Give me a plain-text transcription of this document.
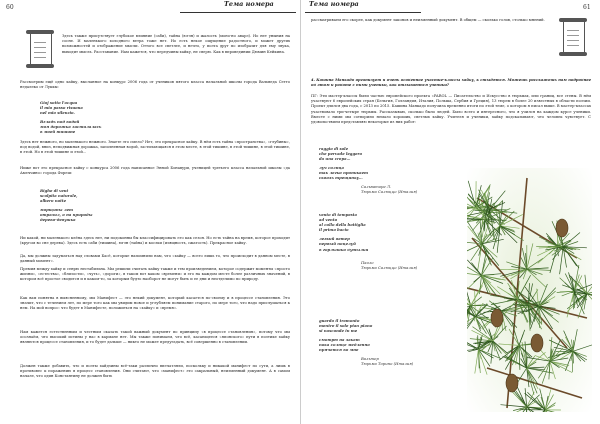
60	Тема номера
Здесь также присутствует глубокое влияние (саби), тайна (югэн) и жалость (моно-но аварэ). Но нет уныния на сосне. И маленького холодного ветра тоже нет. Но есть некое ощущение радостного, и может других возможностей и отображение мысли. Оттого все светлее, и нечто, у поэта друг по изобразит для ему звука, выходит мысль. Расставание. Нам кажется, что передчины хайку, не сверю. Как в впровединии Дюмин Кейкина.
Рассмотрим ещё одно хайку, высланное на конкурс 2006 года от учеников пятого класса начальной школы города Вальведа Сетто недалеко от Луккы:
Gioj sotto l'acqua
il mio passo risuona
nel mio silenzio.
Вгладь под водой
моя дорожка застилалась
в моей тишине
Здесь нет нежного, но маленького нежного. Знаете это смело? Нет, это прекрасное хайку. В нём есть тайна «пространства», «глубины», под водой, вниз, неподвижная дорожка, заполненная водой, застилающаяся в этом месте, в этой тишине, в этой тишине, в этой тишине, в этой. Но в этой тишине и этой...
Ниже вот это прекрасное хайку с конкурса 2006 года написанное Энной Бонавури, ученицей третьего класса начальной школы «да Амеччино» города Фореш:
Righe di vent
scolpita naturale,
albero notte
морщины лет
отразил, о на природы
дерево-девушка
Ни какой, ни маленького клёна здесь нет, ни подоконны бы классифицировать его как сезон. Но есть тайна на время, которое проходит (кругом во сне дерева). Здесь есть саби (тишина), югэн (тайна) и косэки (изящность, сжатость). Прекрасное хайку.
Да, мы должны задуматься над словами Басё, которые напомнили нам, что «хайку — всего лишь то, что происходит в данном месте, в данный момент».
Премия между хайку и сенрю нестабильна. Мы решили считать хайку также и тем произведением, которое содержит моменты «просто жизни», «естества», «близости», «чуть», «дороги», в таком вот каком «времени» и его на каждом месте более различных значений, в котором всё простое сводится и в каком-то, за которым будто наоборот не могут быть и ее дни и неотделимо по природу.
Как вам понятна в выясненному, мы Манифест — это некий документ, который касается по-своему и в процессе становления. Это значит, что с течением лет, по мере того как мы увидим новое и углубляем понимание старого, по мере того, что надо прислушаться к нем. На мой вопрос: что будет в Манифесте, положиться на «хайку» и «время».
Нам кажется естественным и честным сказать такой важный документ по принципу «в процессе становления», потому что мы осознаём, что высокий истины у нас в кармане нет. Мы также понимаем, что всё, касающееся «японского» пути в поэтике хайку являются процессе становления, и то будет дальше — никто не может предугадать, всё совершенно в становлении.
Должен также добавить, что и поэты хайдзины всё-таки различно впечатляли, поскольку и никакой манифест по сути, а лишь в противовес к поражению в процесс становления. Они считают, что «манифест» это сакральный, неизменный документ. А в самом начале, что один Константину не должен быть
Тема номера	61
рассматриваем его скорее, как документ законов и неизменный документ. В общем — сколько голов, столько мнений.
4. Кашина Манкадо организует и очень особенное участие-классы хайку, к стыдятся. Можешь расскажешь нам подробнее об этом и работе с ними ученики, как отзываются ученики?
ПГ: Эти мастер-классы были частью европейского проекта «PAROL — Писательство и Искусство в тюрьмах, или границ, все стены. В нём участвуют 6 европейских стран (Бельгия, Голландия, Италия, Польша, Сербия и Греция), 13 тюрем в более 20 известных в области поэзии. Проект длился два года, с 2013 по 2015. Кашина Манкадо получила временно итоги по этой теме, о котором я писал выше. В мастер-классах участвовало три-четыре тюрьмы. Рассказываю, сколько было людей. Было всего и интересного, что я учился на каждом курсе ученики. Вместе с ними мы сотворили немало хороших, светлых хайку. Учителя и ученики, хайку подсказывают, что человек чувствует. С удовольствием представляю некоторые из них работ:
raggio di sole
che pervade leggero
da una crepa…
луч солнца
так легко проникает
сквозь трещинку…
Сальваторе Л.
Тюрьма Салюццо (Италия)
vento di tempesta
ad vento
al collo della bottiglia
il primo bacio
легкий ветер
первый поцелуй
в горлышко бутылки
Паоло
Тюрьма Салюццо (Италия)
guardo il tramonto
mentre il sole pian piano
si nasconde in me
смотрю на закат
пока солнце медленно
прячется во мне
Вальтер
Тюрьма Торино (Италия)
